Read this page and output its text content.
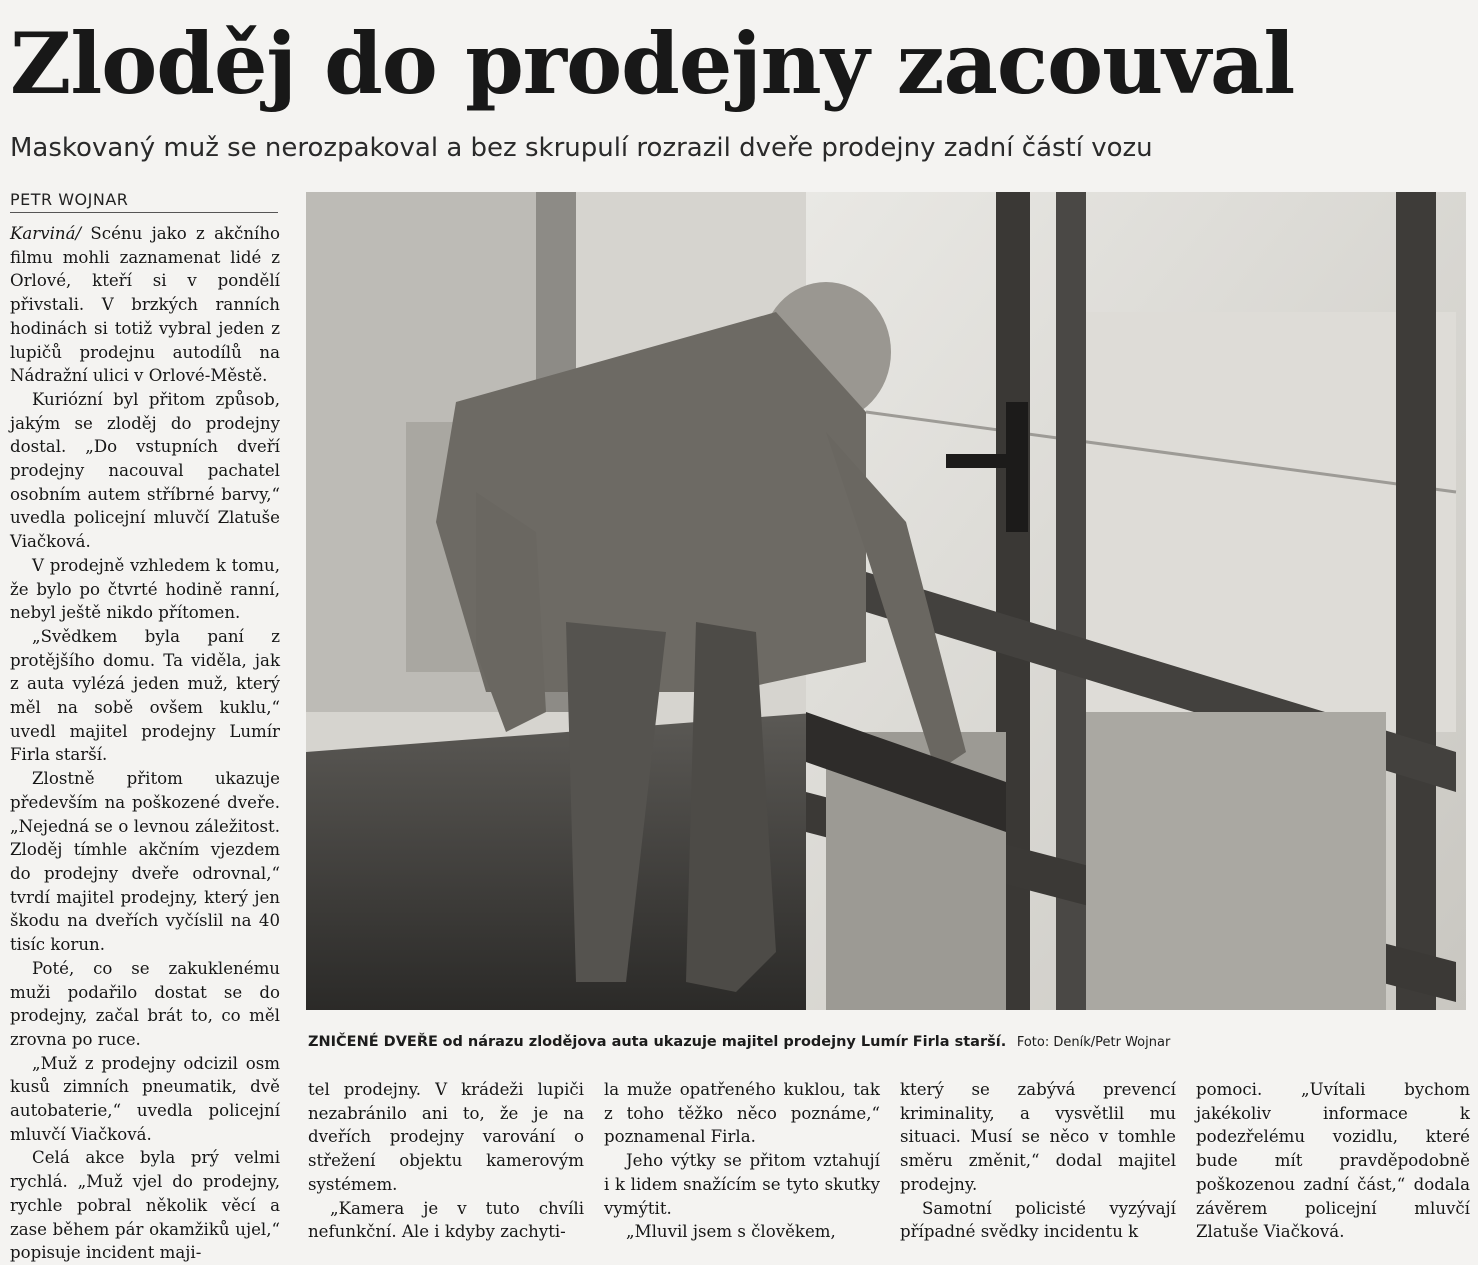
Zloděj do prodejny zacouval
Maskovaný muž se nerozpakoval a bez skrupulí rozrazil dveře prodejny zadní částí vozu
PETR WOJNAR

Karviná/ Scénu jako z akčního filmu mohli zaznamenat lidé z Orlové, kteří si v pondělí přivstali. V brzkých ranních hodinách si totiž vybral jeden z lupičů prodejnu autodílů na Nádražní ulici v Orlové-Městě.

Kuriózní byl přitom způsob, jakým se zloděj do prodejny dostal. „Do vstupních dveří prodejny nacouval pachatel osobním autem stříbrné barvy,“ uvedla policejní mluvčí Zlatuše Viačková.

V prodejně vzhledem k tomu, že bylo po čtvrté hodině ranní, nebyl ještě nikdo přítomen.

„Svědkem byla paní z protějšího domu. Ta viděla, jak z auta vylézá jeden muž, který měl na sobě ovšem kuklu,“ uvedl majitel prodejny Lumír Firla starší.

Zlostně přitom ukazuje především na poškozené dveře. „Nejedná se o levnou záležitost. Zloděj tímhle akčním vjezdem do prodejny dveře odrovnal,“ tvrdí majitel prodejny, který jen škodu na dveřích vyčíslil na 40 tisíc korun.

Poté, co se zakuklenému muži podařilo dostat se do prodejny, začal brát to, co měl zrovna po ruce.

„Muž z prodejny odcizil osm kusů zimních pneumatik, dvě autobaterie,“ uvedla policejní mluvčí Viačková.

Celá akce byla prý velmi rychlá. „Muž vjel do prodejny, rychle pobral několik věcí a zase během pár okamžiků ujel,“ popisuje incident maji-

ZNIČENÉ DVEŘE od nárazu zlodějova auta ukazuje majitel prodejny Lumír Firla starší. Foto: Deník/Petr Wojnar

tel prodejny. V krádeži lupiči nezabránilo ani to, že je na dveřích prodejny varování o střežení objektu kamerovým systémem.

„Kamera je v tuto chvíli nefunkční. Ale i kdyby zachyti-

la muže opatřeného kuklou, tak z toho těžko něco poznáme,“ poznamenal Firla.

Jeho výtky se přitom vztahují i k lidem snažícím se tyto skutky vymýtit.

„Mluvil jsem s člověkem,

který se zabývá prevencí kriminality, a vysvětlil mu situaci. Musí se něco v tomhle směru změnit,“ dodal majitel prodejny.

Samotní policisté vyzývají případné svědky incidentu k

pomoci. „Uvítali bychom jakékoliv informace k podezřelému vozidlu, které bude mít pravděpodobně poškozenou zadní část,“ dodala závěrem policejní mluvčí Zlatuše Viačková.
